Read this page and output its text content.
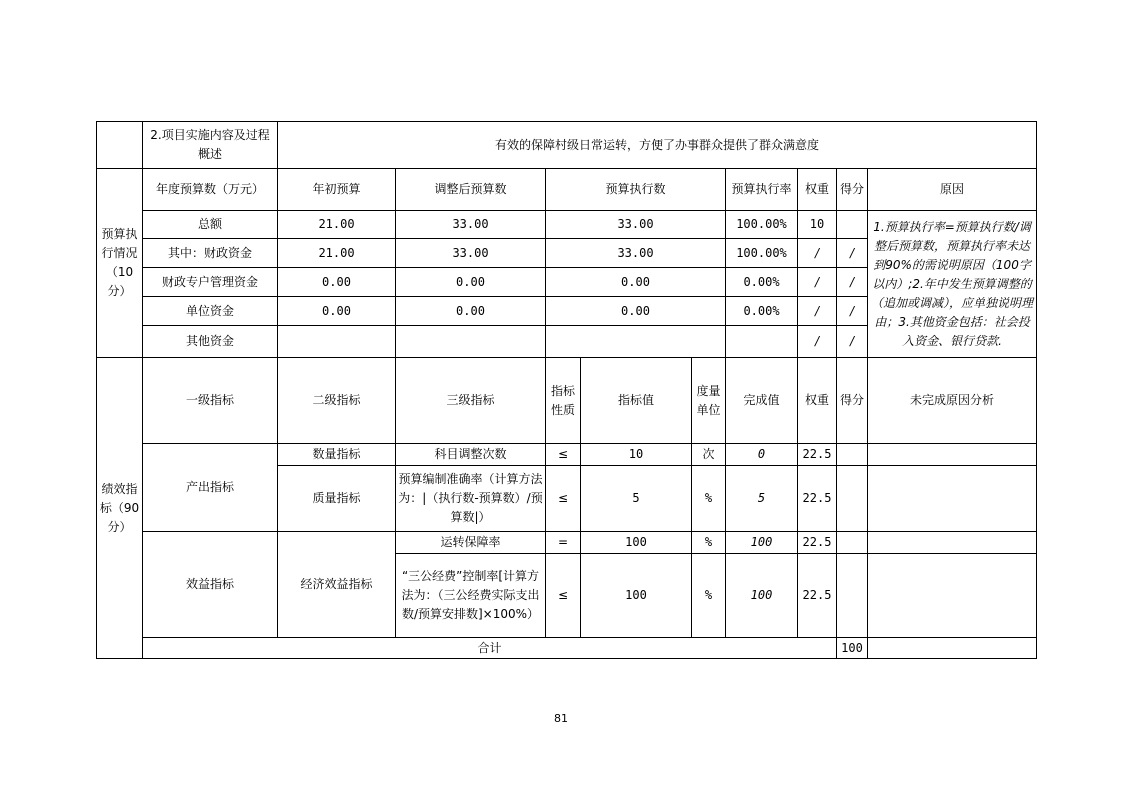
	2.项目实施内容及过程概述	有效的保障村级日常运转，方便了办事群众提供了群众满意度									
预算执行情况（10分）	年度预算数（万元）	年初预算	调整后预算数	预算执行数			预算执行率	权重	得分	原因	
	总额	21.00	33.00	33.00			100.00%	10		1.预算执行率=预算执行数/调整后预算数，预算执行率未达到90%的需说明原因（100字以内）;2.年中发生预算调整的（追加或调减），应单独说明理由；3.其他资金包括：社会投入资金、银行贷款.	
	其中：财政资金	21.00	33.00	33.00			100.00%	/	/		
	财政专户管理资金	0.00	0.00	0.00			0.00%	/	/		
	单位资金	0.00	0.00	0.00			0.00%	/	/		
	其他资金							/	/		
绩效指标（90分）	一级指标	二级指标	三级指标	指标性质	指标值	度量单位	完成值	权重	得分	未完成原因分析	
	产出指标	数量指标	科目调整次数	≤	10	次	0	22.5			
		质量指标	预算编制准确率（计算方法为：|（执行数-预算数）/预算数|）	≤	5	%	5	22.5			
	效益指标	经济效益指标	运转保障率	=	100	%	100	22.5			
			“三公经费”控制率[计算方法为：（三公经费实际支出数/预算安排数]×100%）	≤	100	%	100	22.5			
	合计								100		
81
